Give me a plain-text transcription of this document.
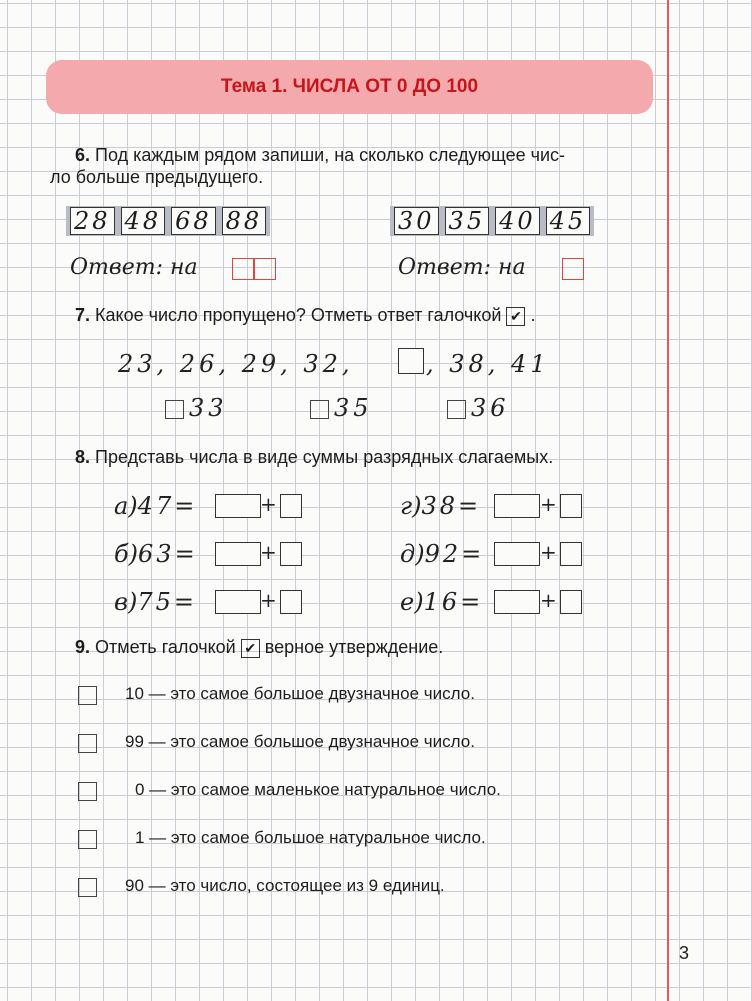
Тема 1. ЧИСЛА ОТ 0 ДО 100
6. Под каждым рядом запиши, на сколько следующее чис-
ло больше предыдущего.
28 48 68 88	30 35 40 45
Ответ: на	Ответ: на
7. Какое число пропущено? Отметь ответ галочкой ✔ .
23, 26, 29, 32,	, 38, 41
33	35	36
8. Представь числа в виде суммы разрядных слагаемых.
а)47=	+	г)38=	+
б)63=	+	д)92=	+
в)75=	+	е)16=	+
9. Отметь галочкой ✔ верное утверждение.
10 — это самое большое двузначное число.
99 — это самое большое двузначное число.
0 — это самое маленькое натуральное число.
1 — это самое большое натуральное число.
90 — это число, состоящее из 9 единиц.
3
